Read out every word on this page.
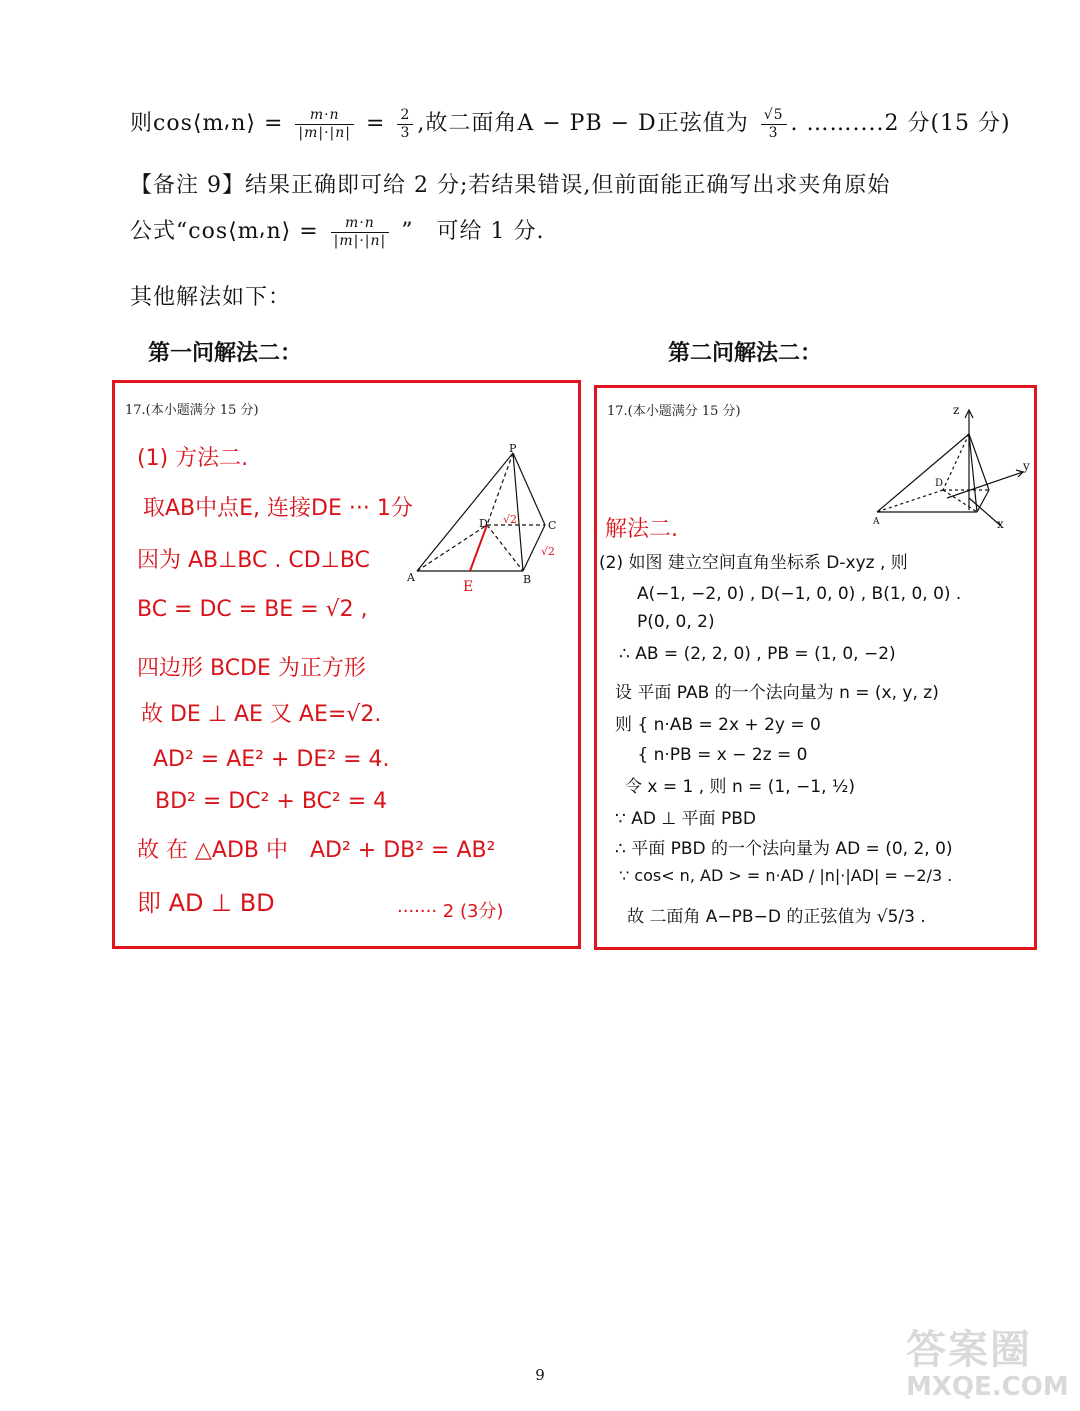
则cos⟨m⸴n⟩ = $\frac{m\cdot n}{|m|\cdot|n|} = \frac{2}{3}$ ,故二面角A − PB − D正弦值为 $\frac{√5}{3}$ . ……....2 分(15 分)
【备注 9】结果正确即可给 2 分;若结果错误,但前面能正确写出求夹角原始
公式“cos⟨m⸴n⟩ = $\frac{m\cdot n}{|m|\cdot|n|}$ ”　可给 1 分.
其他解法如下：
第一问解法二：	第二问解法二：
17.(本小题满分 15 分)
P
D	C
A	B
E
√2
√2
(1) 方法二.
取AB中点E, 连接DE ··· 1分
因为 AB⊥BC . CD⊥BC
BC = DC = BE = √2 ,
四边形 BCDE 为正方形
故 DE ⊥ AE 又 AE=√2.
AD² = AE² + DE² = 4.
BD² = DC² + BC² = 4
故 在 △ADB 中　AD² + DB² = AB²
即 AD ⊥ BD	······· 2 (3分)
17.(本小题满分 15 分)	z
y
x
D
A
解法二.
(2) 如图 建立空间直角坐标系 D-xyz , 则
A(−1, −2, 0) , D(−1, 0, 0) , B(1, 0, 0) .
P(0, 0, 2)
∴ AB = (2, 2, 0) , PB = (1, 0, −2)
设 平面 PAB 的一个法向量为 n = (x, y, z)
则 { n·AB = 2x + 2y = 0
　 { n·PB = x − 2z = 0
令 x = 1 , 则 n = (1, −1, ½)
∵ AD ⊥ 平面 PBD
∴ 平面 PBD 的一个法向量为 AD = (0, 2, 0)
∵ cos< n, AD > = n·AD / |n|·|AD| = −2/3 .
故 二面角 A−PB−D 的正弦值为 √5/3 .
9
答案圈
MXQE.COM
